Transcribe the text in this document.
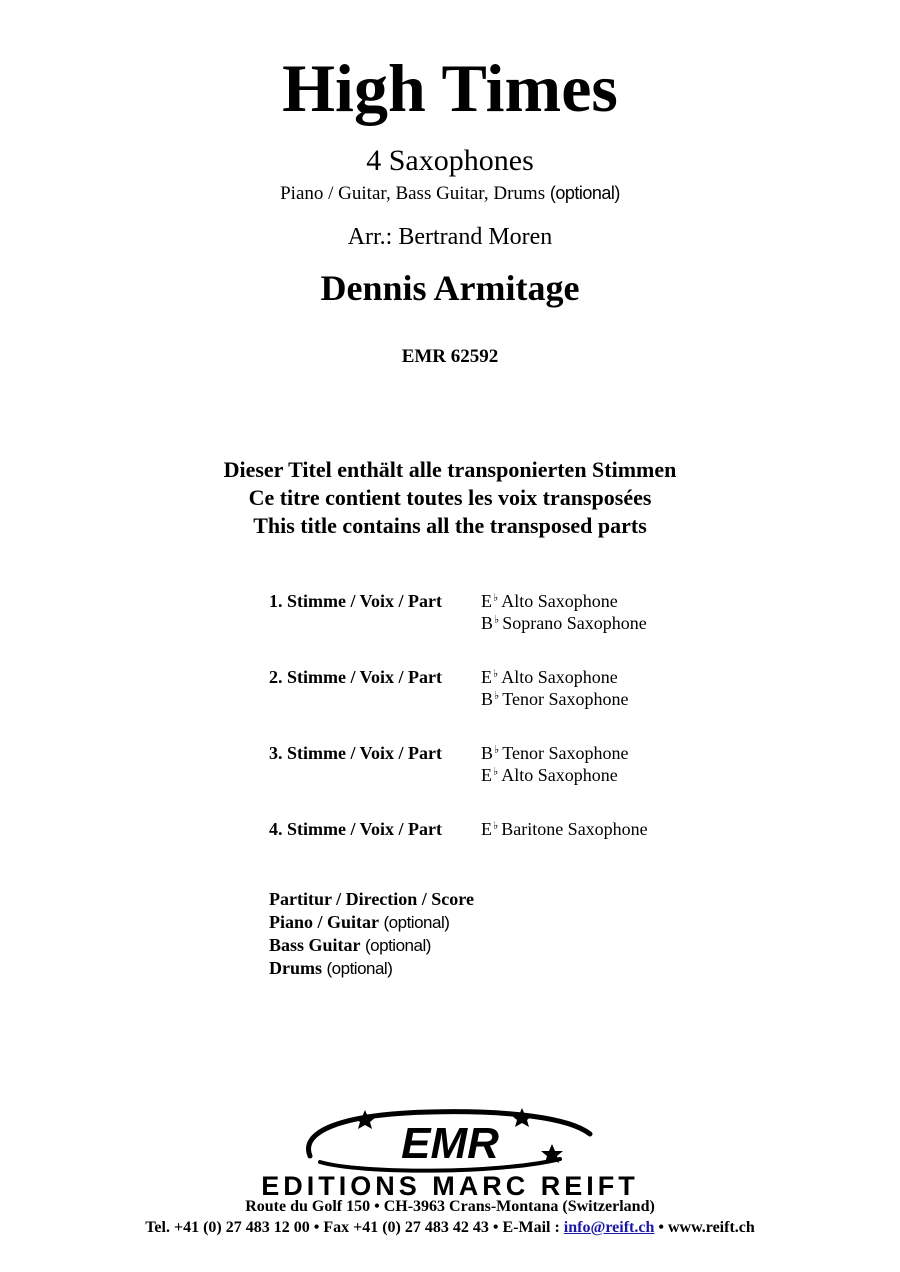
High Times
4 Saxophones
Piano / Guitar, Bass Guitar, Drums (optional)
Arr.: Bertrand Moren
Dennis Armitage
EMR 62592
Dieser Titel enthält alle transponierten Stimmen
Ce titre contient toutes les voix transposées
This title contains all the transposed parts
1. Stimme / Voix / Part	E♭ Alto Saxophone
B♭ Soprano Saxophone
2. Stimme / Voix / Part	E♭ Alto Saxophone
B♭ Tenor Saxophone
3. Stimme / Voix / Part	B♭ Tenor Saxophone
E♭ Alto Saxophone
4. Stimme / Voix / Part	E♭ Baritone Saxophone
Partitur / Direction / Score
Piano / Guitar (optional)
Bass Guitar (optional)
Drums (optional)
EMR
EDITIONS MARC REIFT
Route du Golf 150 • CH-3963 Crans-Montana (Switzerland)
Tel. +41 (0) 27 483 12 00 • Fax +41 (0) 27 483 42 43 • E-Mail : info@reift.ch • www.reift.ch
